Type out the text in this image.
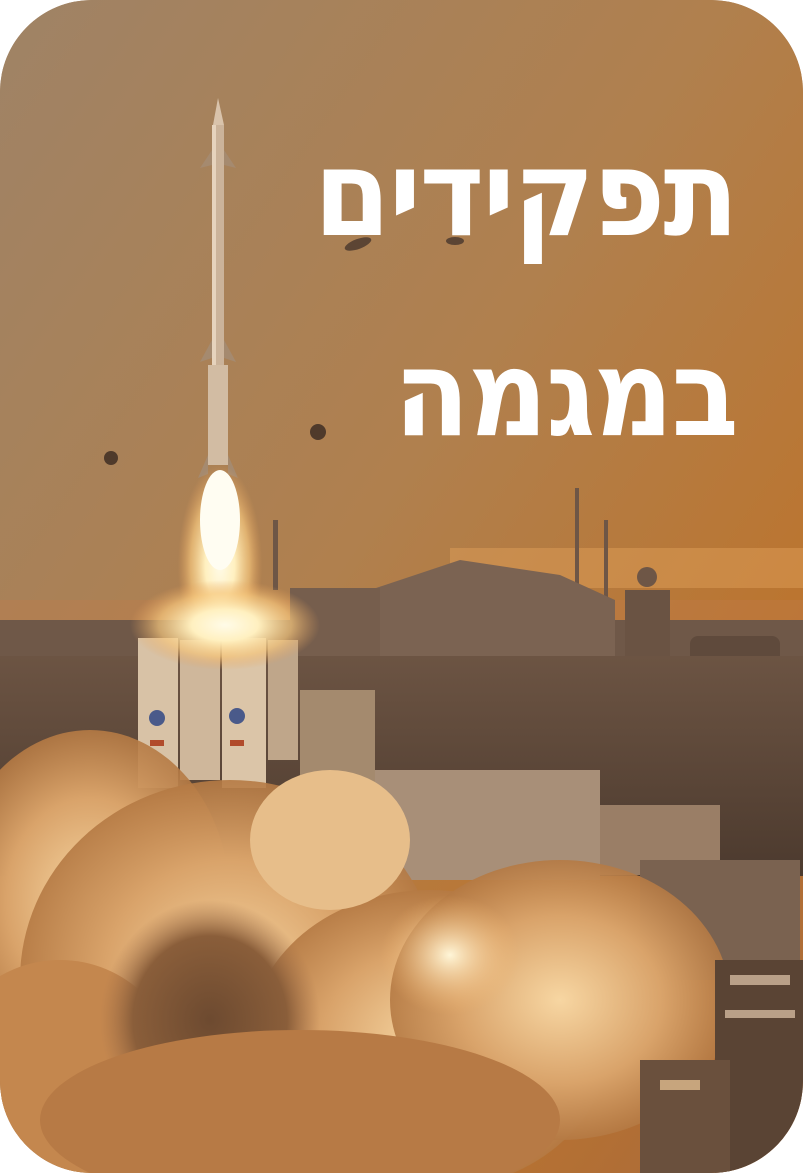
תפקידים
במגמה
